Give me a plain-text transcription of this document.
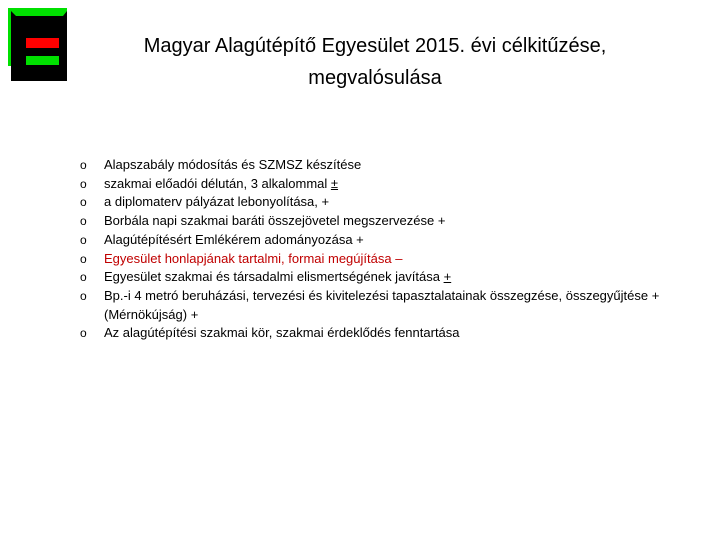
Magyar Alagútépítő Egyesület 2015. évi célkitűzése, megvalósulása
o	Alapszabály módosítás és SZMSZ készítése
o	szakmai előadói délután, 3 alkalommal ±
o	a diplomaterv pályázat lebonyolítása, +
o	Borbála napi szakmai baráti összejövetel megszervezése +
o	Alagútépítésért Emlékérem adományozása +
o	Egyesület honlapjának tartalmi, formai megújítása –
o	Egyesület szakmai és társadalmi elismertségének javítása +
o	Bp.-i 4 metró beruházási, tervezési és kivitelezési tapasztalatainak összegzése, összegyűjtése + (Mérnökújság) +
o	Az alagútépítési szakmai kör, szakmai érdeklődés fenntartása
